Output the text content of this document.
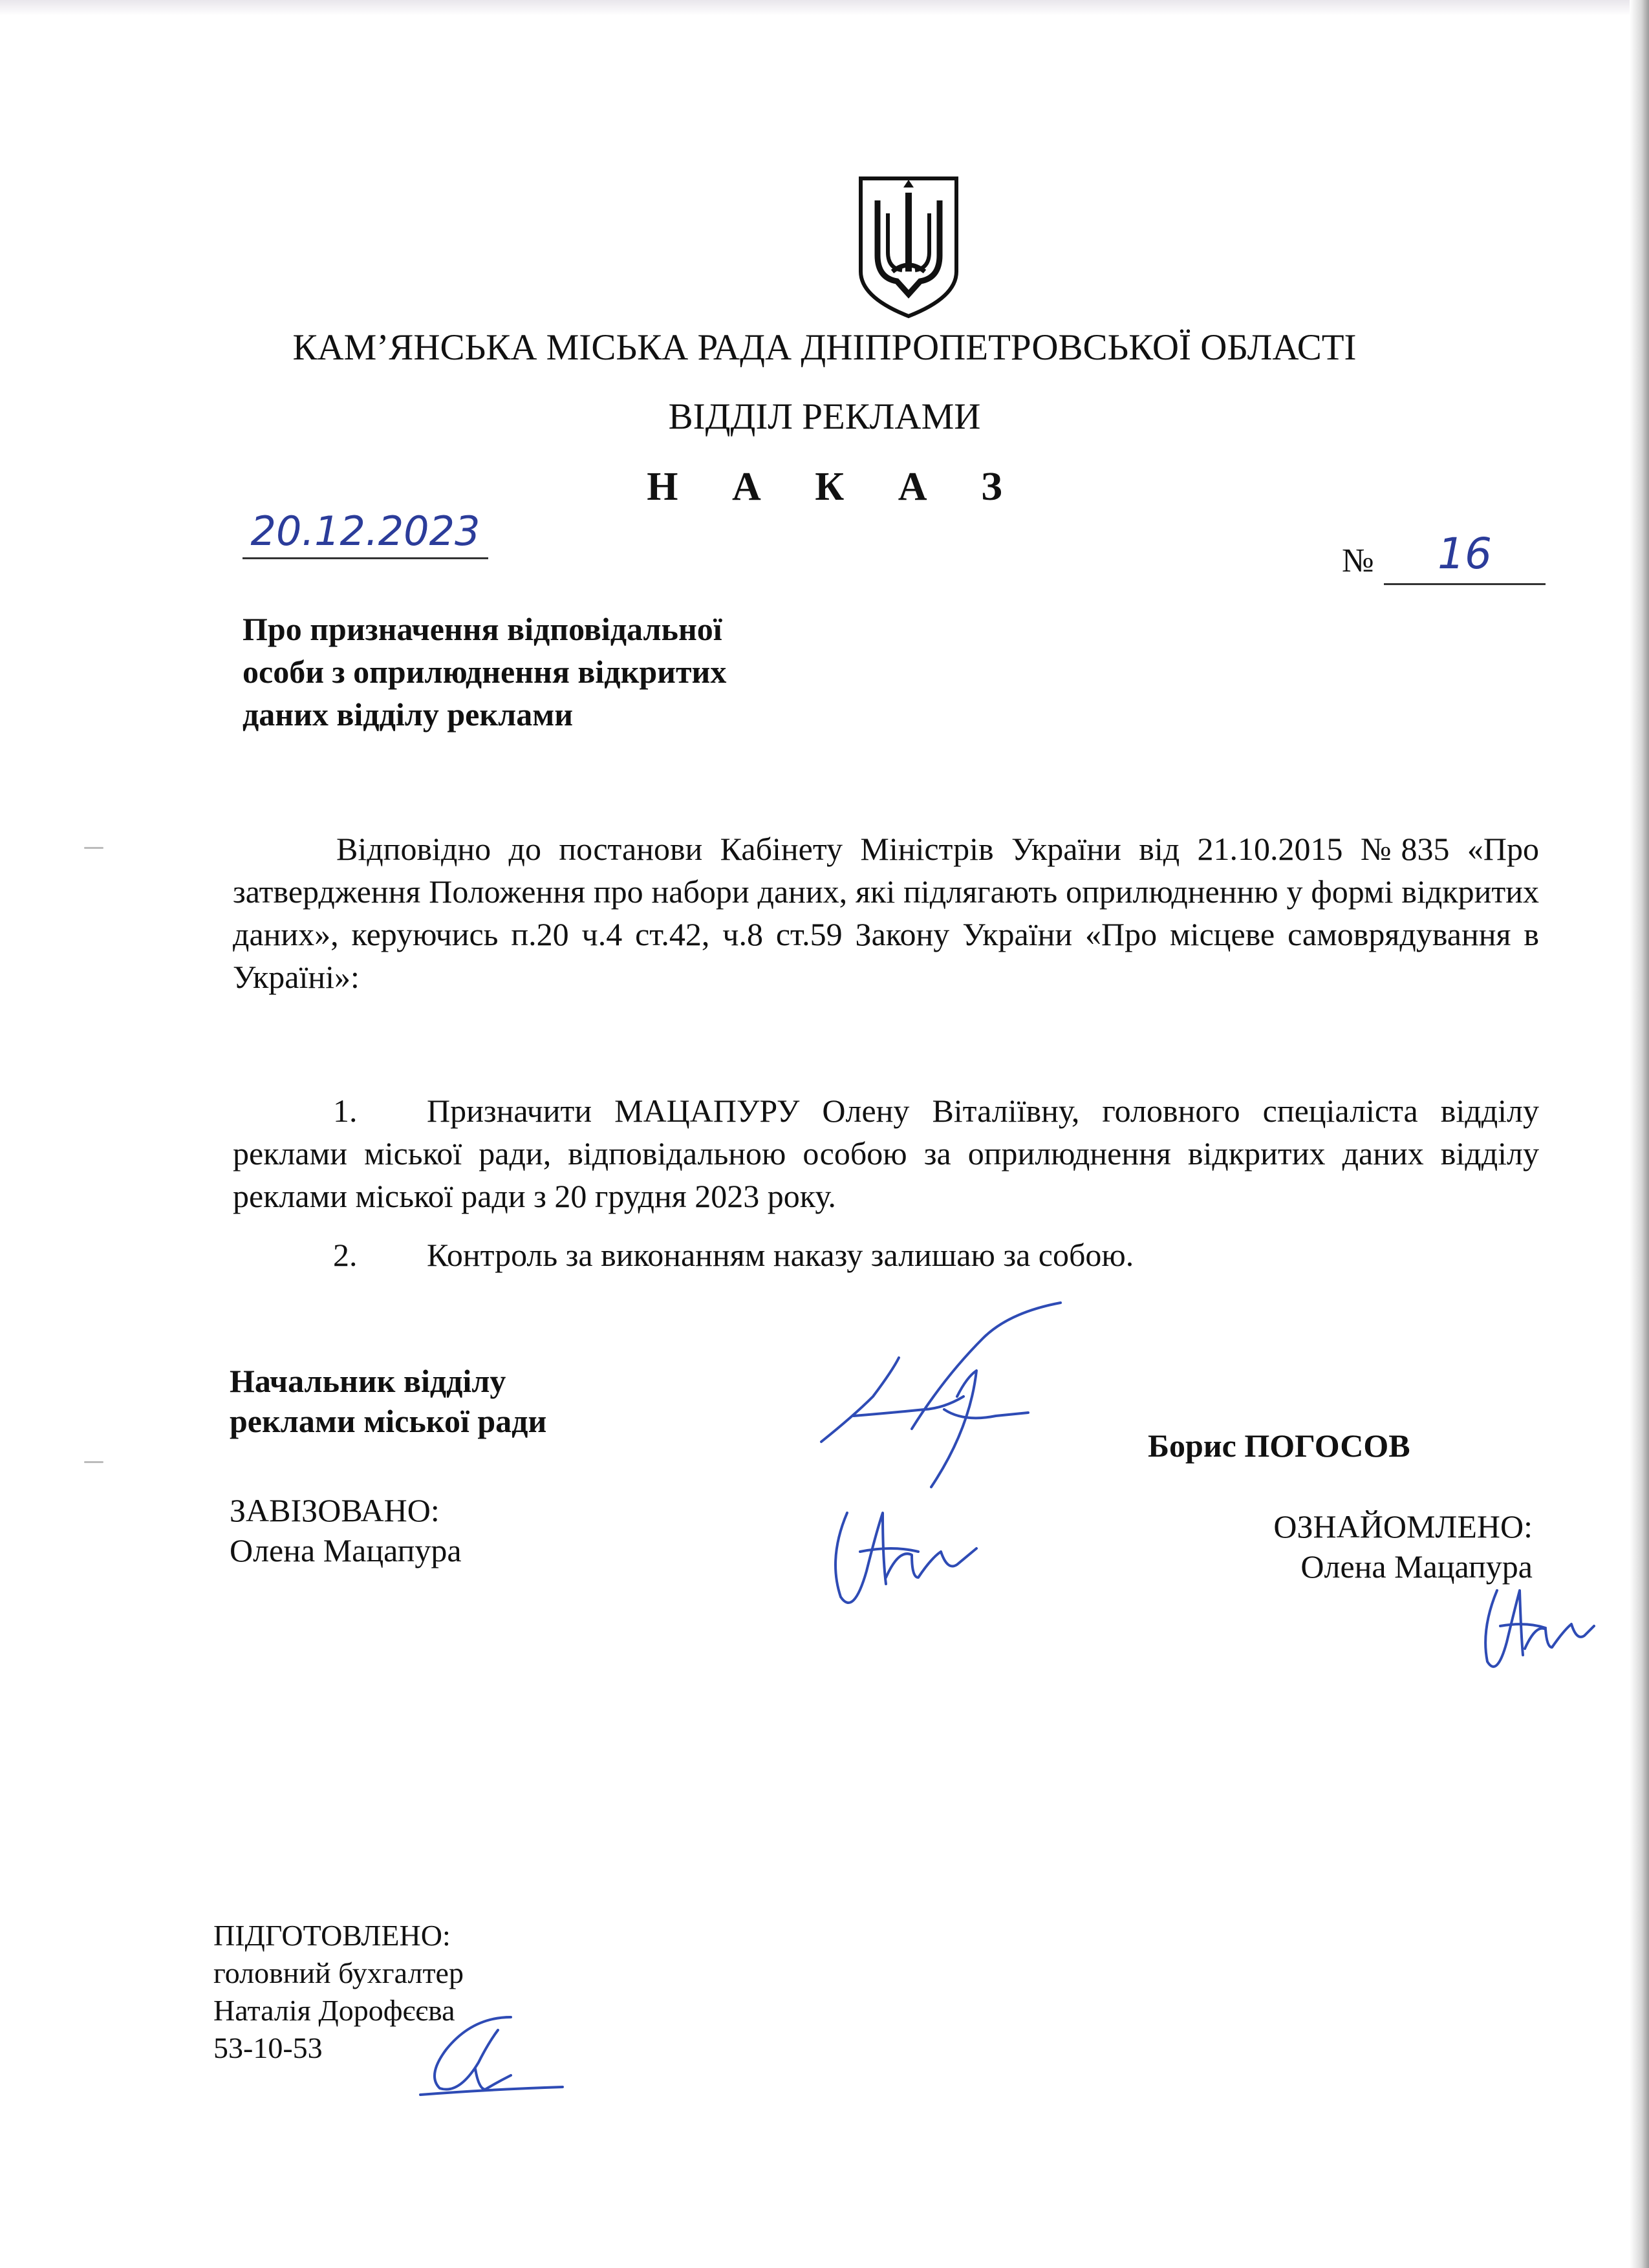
КАМ’ЯНСЬКА МІСЬКА РАДА ДНІПРОПЕТРОВСЬКОЇ ОБЛАСТІ
ВІДДІЛ РЕКЛАМИ
Н А К А З
20.12.2023
№	16
Про призначення відповідальної
особи з оприлюднення відкритих
даних відділу реклами
Відповідно до постанови Кабінету Міністрів України від 21.10.2015 №835 «Про затвердження Положення про набори даних, які підлягають оприлюдненню у формі відкритих даних», керуючись п.20 ч.4 ст.42, ч.8 ст.59 Закону України «Про місцеве самоврядування в Україні»:
1. Призначити МАЦАПУРУ Олену Віталіївну, головного спеціаліста відділу реклами міської ради, відповідальною особою за оприлюднення відкритих даних відділу реклами міської ради з 20 грудня 2023 року.
2. Контроль за виконанням наказу залишаю за собою.
Начальник відділу
реклами міської ради
Борис ПОГОСОВ
ЗАВІЗОВАНО:
Олена Мацапура
ОЗНАЙОМЛЕНО:
Олена Мацапура
ПІДГОТОВЛЕНО:
головний бухгалтер
Наталія Дорофєєва
53-10-53
